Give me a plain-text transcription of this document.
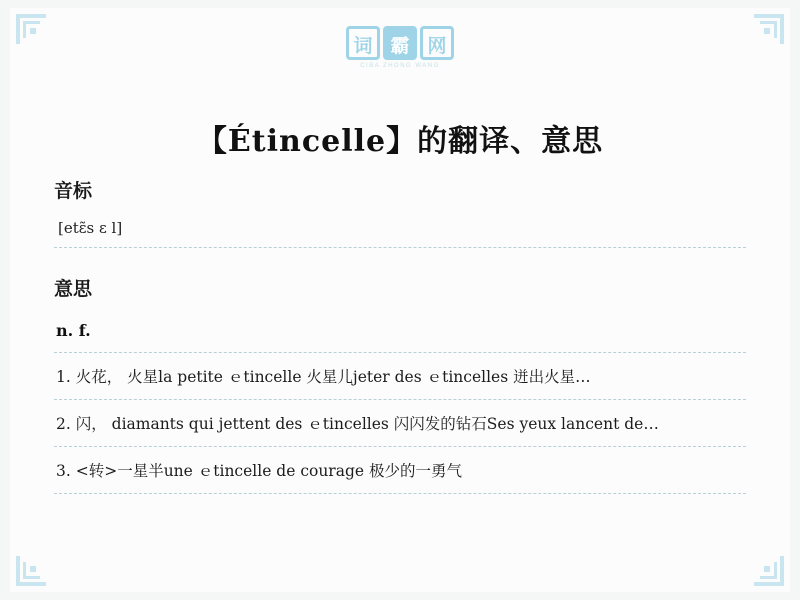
词 霸 网
CIBA ZHONG WANG
【Étincelle】的翻译、意思
音标
[etɛ̃s ɛ l]
意思
n. f.
1. 火花， 火星la petite ｅtincelle 火星儿jeter des ｅtincelles 迸出火星…
2. 闪， diamants qui jettent des ｅtincelles 闪闪发的钻石Ses yeux lancent de…
3. <转>一星半une ｅtincelle de courage 极少的一勇气
